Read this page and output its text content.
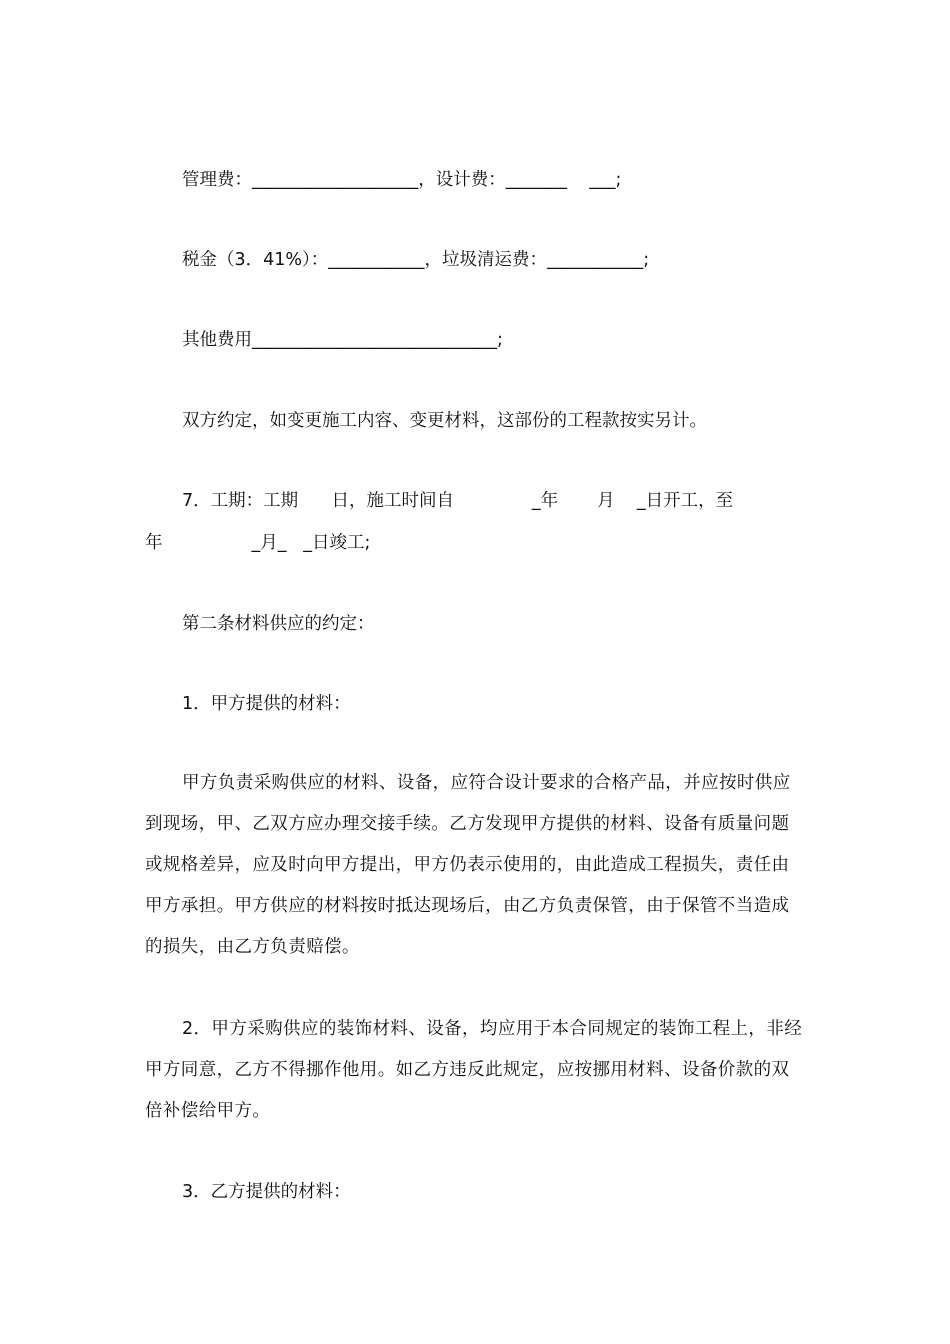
管理费：___________________，设计费：_______    ___;
税金（3．41%）：___________，垃圾清运费：___________;
其他费用____________________________;
双方约定，如变更施工内容、变更材料，这部份的工程款按实另计。
7．工期：工期      日，施工时间自              _年       月    _日开工，至
年                _月_   _日竣工;
第二条材料供应的约定：
1．甲方提供的材料：
甲方负责采购供应的材料、设备，应符合设计要求的合格产品，并应按时供应到现场，甲、乙双方应办理交接手续。乙方发现甲方提供的材料、设备有质量问题或规格差异，应及时向甲方提出，甲方仍表示使用的，由此造成工程损失，责任由甲方承担。甲方供应的材料按时抵达现场后，由乙方负责保管，由于保管不当造成的损失，由乙方负责赔偿。
2．甲方采购供应的装饰材料、设备，均应用于本合同规定的装饰工程上，非经甲方同意，乙方不得挪作他用。如乙方违反此规定，应按挪用材料、设备价款的双倍补偿给甲方。
3．乙方提供的材料：
